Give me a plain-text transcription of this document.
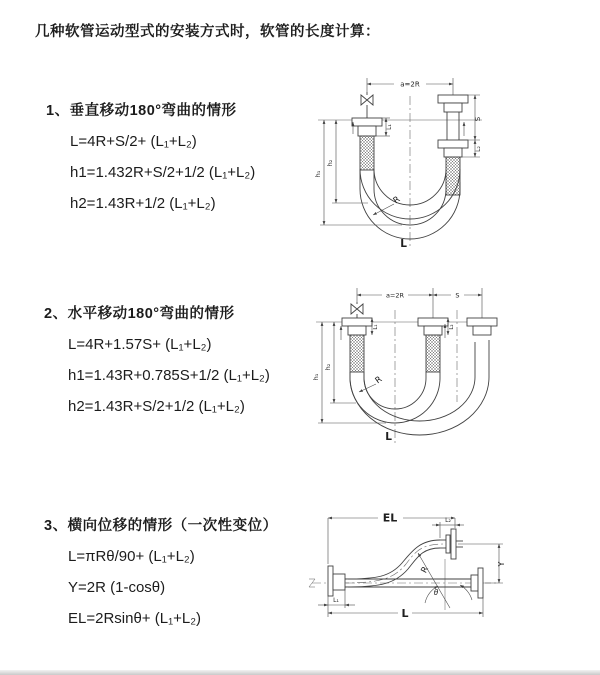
几种软管运动型式的安装方式时，软管的长度计算：
1、垂直移动180°弯曲的情形
L=4R+S/2+ (L₁+L₂)
h1=1.432R+S/2+1/2 (L₁+L₂)
h2=1.43R+1/2 (L₁+L₂)
2、水平移动180°弯曲的情形
L=4R+1.57S+ (L₁+L₂)
h1=1.43R+0.785S+1/2 (L₁+L₂)
h2=1.43R+S/2+1/2 (L₁+L₂)
3、横向位移的情形（一次性变位）
L=πRθ/90+ (L₁+L₂)
Y=2R (1-cosθ)
EL=2Rsinθ+ (L₁+L₂)
a=2R
L₁
S
L₂
h₁
h₂
R
L
a=2R	S
L₁	L₂
h₁
h₂
R
L
EL	L₂
R
θ
Y
L₁
L
